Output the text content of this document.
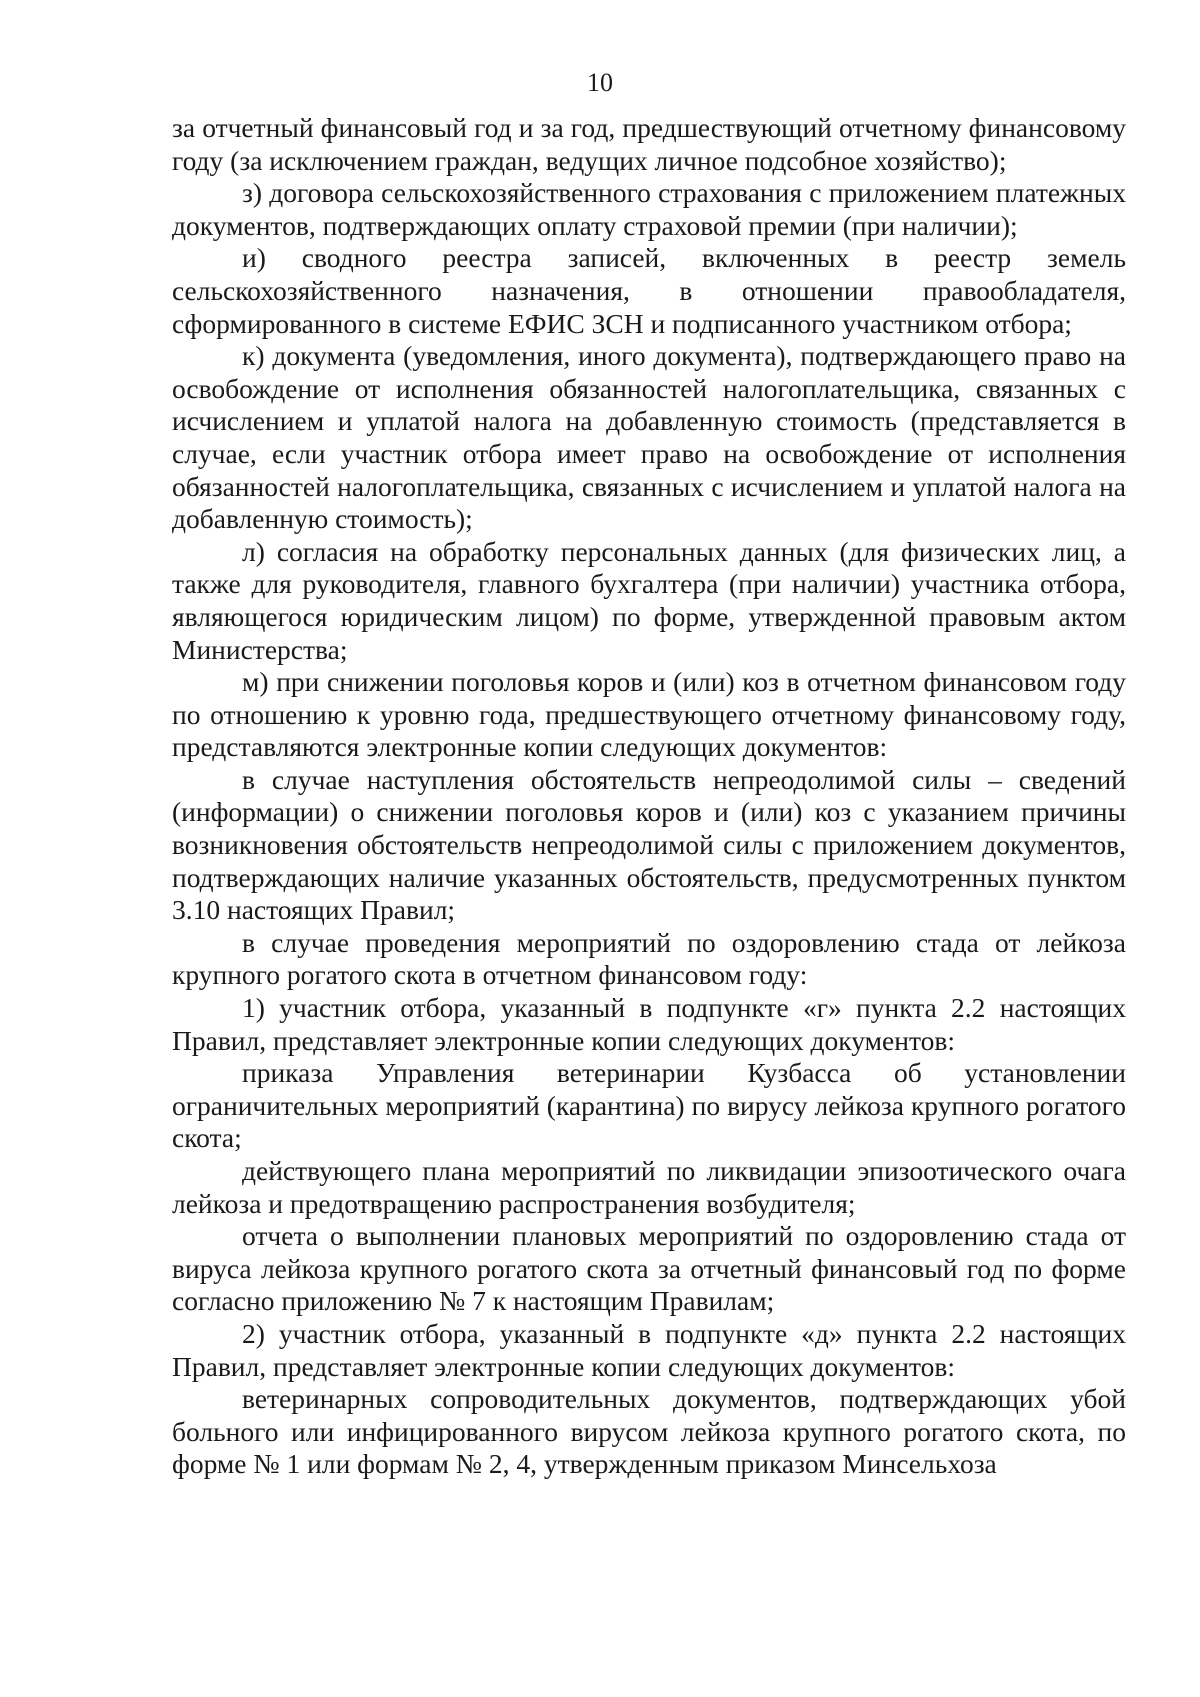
10

за отчетный финансовый год и за год, предшествующий отчетному финансовому году (за исключением граждан, ведущих личное подсобное хозяйство);

з) договора сельскохозяйственного страхования с приложением платежных документов, подтверждающих оплату страховой премии (при наличии);

и) сводного реестра записей, включенных в реестр земель сельскохозяйственного назначения, в отношении правообладателя, сформированного в системе ЕФИС ЗСН и подписанного участником отбора;

к) документа (уведомления, иного документа), подтверждающего право на освобождение от исполнения обязанностей налогоплательщика, связанных с исчислением и уплатой налога на добавленную стоимость (представляется в случае, если участник отбора имеет право на освобождение от исполнения обязанностей налогоплательщика, связанных с исчислением и уплатой налога на добавленную стоимость);

л) согласия на обработку персональных данных (для физических лиц, а также для руководителя, главного бухгалтера (при наличии) участника отбора, являющегося юридическим лицом) по форме, утвержденной правовым актом Министерства;

м) при снижении поголовья коров и (или) коз в отчетном финансовом году по отношению к уровню года, предшествующего отчетному финансовому году, представляются электронные копии следующих документов:

в случае наступления обстоятельств непреодолимой силы – сведений (информации) о снижении поголовья коров и (или) коз с указанием причины возникновения обстоятельств непреодолимой силы с приложением документов, подтверждающих наличие указанных обстоятельств, предусмотренных пунктом 3.10 настоящих Правил;

в случае проведения мероприятий по оздоровлению стада от лейкоза крупного рогатого скота в отчетном финансовом году:

1) участник отбора, указанный в подпункте «г» пункта 2.2 настоящих Правил, представляет электронные копии следующих документов:

приказа Управления ветеринарии Кузбасса об установлении ограничительных мероприятий (карантина) по вирусу лейкоза крупного рогатого скота;

действующего плана мероприятий по ликвидации эпизоотического очага лейкоза и предотвращению распространения возбудителя;

отчета о выполнении плановых мероприятий по оздоровлению стада от вируса лейкоза крупного рогатого скота за отчетный финансовый год по форме согласно приложению № 7 к настоящим Правилам;

2) участник отбора, указанный в подпункте «д» пункта 2.2 настоящих Правил, представляет электронные копии следующих документов:

ветеринарных сопроводительных документов, подтверждающих убой больного или инфицированного вирусом лейкоза крупного рогатого скота, по форме № 1 или формам № 2, 4, утвержденным приказом Минсельхоза
